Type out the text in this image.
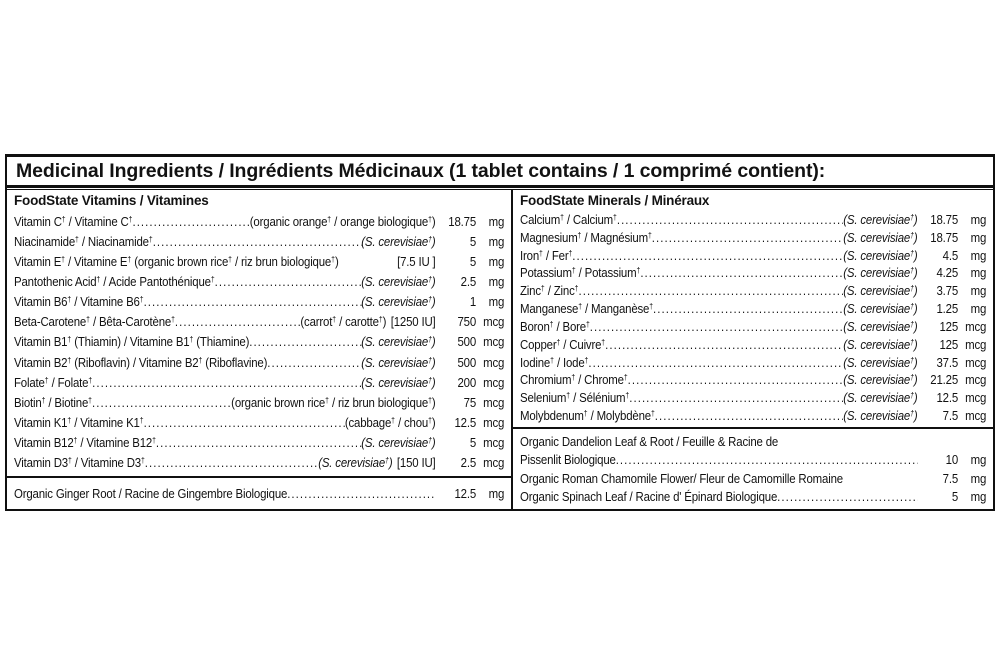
Medicinal Ingredients / Ingrédients Médicinaux (1 tablet contains / 1 comprimé contient):
FoodState Vitamins / Vitamines
Vitamin C† / Vitamine C† .....	(organic orange† / orange biologique†) 18.75 mg
Niacinamide† / Niacinamide† .....	(S. cerevisiae†)	5 mg
Vitamin E† / Vitamine E† (organic brown rice† / riz brun biologique†)	[7.5 IU ]	5 mg
Pantothenic Acid† / Acide Pantothénique† .....	(S. cerevisiae†)	2.5 mg
Vitamin B6† / Vitamine B6† .....	(S. cerevisiae†)	1 mg
Beta-Carotene† / Bêta-Carotène† .....	(carrot† / carotte†) [1250 IU]	750 mcg
Vitamin B1† (Thiamin) / Vitamine B1† (Thiamine) .....	(S. cerevisiae†)	500 mcg
Vitamin B2† (Riboflavin) / Vitamine B2† (Riboflavine) .....	(S. cerevisiae†)	500 mcg
Folate† / Folate† .....	(S. cerevisiae†)	200 mcg
Biotin† / Biotine† .....	(organic brown rice† / riz brun biologique†)	75 mcg
Vitamin K1† / Vitamine K1† .....	(cabbage† / chou†)	12.5 mcg
Vitamin B12† / Vitamine B12† .....	(S. cerevisiae†)	5 mcg
Vitamin D3† / Vitamine D3† .....	(S. cerevisiae†) [150 IU]	2.5 mcg
Organic Ginger Root / Racine de Gingembre Biologique .....	12.5 mg
FoodState Minerals / Minéraux
Calcium† / Calcium† .....	(S. cerevisiae†) 18.75 mg
Magnesium† / Magnésium† .....	(S. cerevisiae†) 18.75 mg
Iron† / Fer† .....	(S. cerevisiae†)	4.5 mg
Potassium† / Potassium† .....	(S. cerevisiae†)	4.25 mg
Zinc† / Zinc† .....	(S. cerevisiae†)	3.75 mg
Manganese† / Manganèse† .....	(S. cerevisiae†)	1.25 mg
Boron† / Bore† .....	(S. cerevisiae†)	125 mcg
Copper† / Cuivre† .....	(S. cerevisiae†)	125 mcg
Iodine† / Iode† .....	(S. cerevisiae†)	37.5 mcg
Chromium† / Chrome† .....	(S. cerevisiae†) 21.25 mcg
Selenium† / Sélénium† .....	(S. cerevisiae†)	12.5 mcg
Molybdenum† / Molybdène† .....	(S. cerevisiae†)	7.5 mcg
Organic Dandelion Leaf & Root / Feuille & Racine de
Pissenlit Biologique .....	10 mg
Organic Roman Chamomile Flower/ Fleur de Camomille Romaine	7.5 mg
Organic Spinach Leaf / Racine d' Épinard Biologique .....	5 mg
